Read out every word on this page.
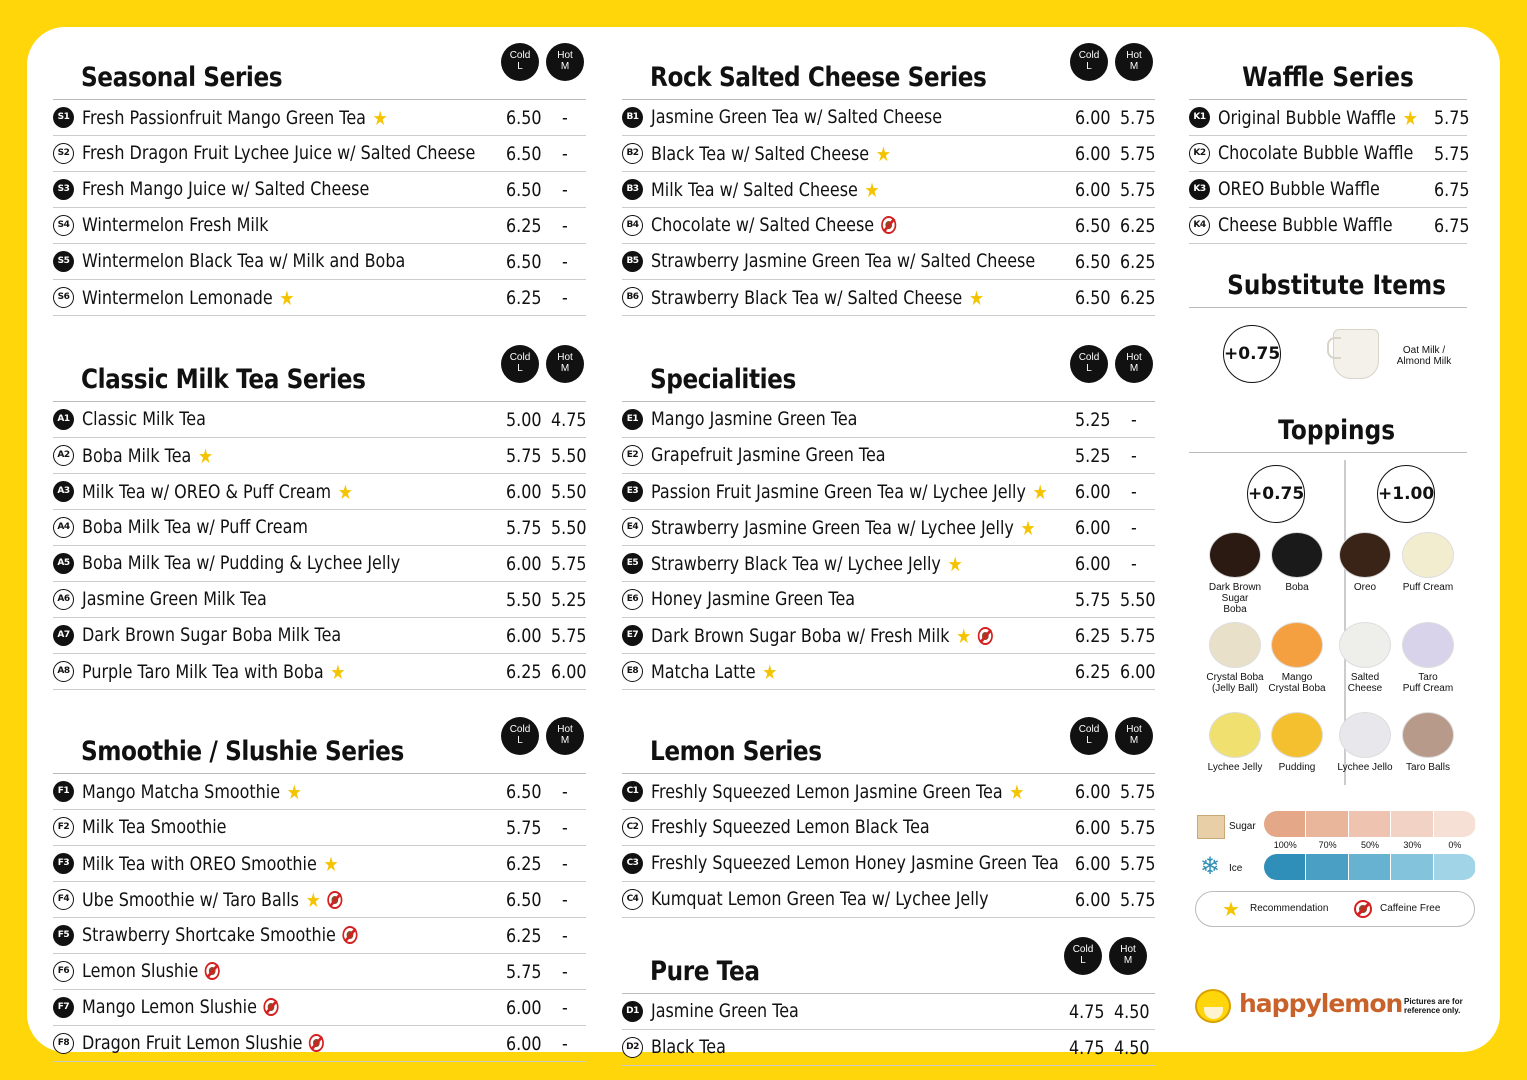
Seasonal Series
Cold
L
Hot
M
S1 Fresh Passionfruit Mango Green Tea ★	6.50 -
S2 Fresh Dragon Fruit Lychee Juice w/ Salted Cheese 6.50 -
S3 Fresh Mango Juice w/ Salted Cheese	6.50 -
S4 Wintermelon Fresh Milk	6.25 -
S5 Wintermelon Black Tea w/ Milk and Boba	6.50 -
S6 Wintermelon Lemonade ★	6.25 -
Classic Milk Tea Series
Cold
L
Hot
M
A1 Classic Milk Tea	5.00 4.75
A2 Boba Milk Tea ★	5.75 5.50
A3 Milk Tea w/ OREO & Puff Cream ★	6.00 5.50
A4 Boba Milk Tea w/ Puff Cream	5.75 5.50
A5 Boba Milk Tea w/ Pudding & Lychee Jelly	6.00 5.75
A6 Jasmine Green Milk Tea	5.50 5.25
A7 Dark Brown Sugar Boba Milk Tea	6.00 5.75
A8 Purple Taro Milk Tea with Boba ★	6.25 6.00
Smoothie / Slushie Series
Cold
L
Hot
M
F1 Mango Matcha Smoothie ★	6.50 -
F2 Milk Tea Smoothie	5.75 -
F3 Milk Tea with OREO Smoothie ★	6.25 -
F4 Ube Smoothie w/ Taro Balls ★	6.50 -
F5 Strawberry Shortcake Smoothie	6.25 -
F6 Lemon Slushie	5.75 -
F7 Mango Lemon Slushie	6.00 -
F8 Dragon Fruit Lemon Slushie	6.00 -
Rock Salted Cheese Series
Cold
L
Hot
M
B1 Jasmine Green Tea w/ Salted Cheese	6.00 5.75
B2 Black Tea w/ Salted Cheese ★	6.00 5.75
B3 Milk Tea w/ Salted Cheese ★	6.00 5.75
B4 Chocolate w/ Salted Cheese	6.50 6.25
B5 Strawberry Jasmine Green Tea w/ Salted Cheese 6.50 6.25
B6 Strawberry Black Tea w/ Salted Cheese ★	6.50 6.25
Specialities
Cold
L
Hot
M
E1 Mango Jasmine Green Tea	5.25 -
E2 Grapefruit Jasmine Green Tea	5.25 -
E3 Passion Fruit Jasmine Green Tea w/ Lychee Jelly ★ 6.00 -
E4 Strawberry Jasmine Green Tea w/ Lychee Jelly ★ 6.00 -
E5 Strawberry Black Tea w/ Lychee Jelly ★	6.00 -
E6 Honey Jasmine Green Tea	5.75 5.50
E7 Dark Brown Sugar Boba w/ Fresh Milk ★	6.25 5.75
E8 Matcha Latte ★	6.25 6.00
Lemon Series
Cold
L
Hot
M
C1 Freshly Squeezed Lemon Jasmine Green Tea ★	6.00 5.75
C2 Freshly Squeezed Lemon Black Tea	6.00 5.75
C3 Freshly Squeezed Lemon Honey Jasmine Green Tea 6.00 5.75
C4 Kumquat Lemon Green Tea w/ Lychee Jelly	6.00 5.75
Pure Tea
Cold
L
Hot
M
D1 Jasmine Green Tea	4.75 4.50
D2 Black Tea	4.75 4.50
Waffle Series
K1 Original Bubble Waffle ★ 5.75
K2 Chocolate Bubble Waffle 5.75
K3 OREO Bubble Waffle	6.75
K4 Cheese Bubble Waffle 6.75
Substitute Items
+0.75	Oat Milk /
Almond Milk
Toppings
+0.75	+1.00
Dark Brown Sugar
Boba
Boba
Crystal Boba
(Jelly Ball)
Mango
Crystal Boba
Lychee Jelly	Pudding
Oreo	Puff Cream
Salted
Cheese
Taro
Puff Cream
Lychee Jello	Taro Balls
Sugar
100%	70%	50%	30%	0%
❄ Ice
★ Recommendation	Caffeine Free
happylemon Pictures are for
reference only.
